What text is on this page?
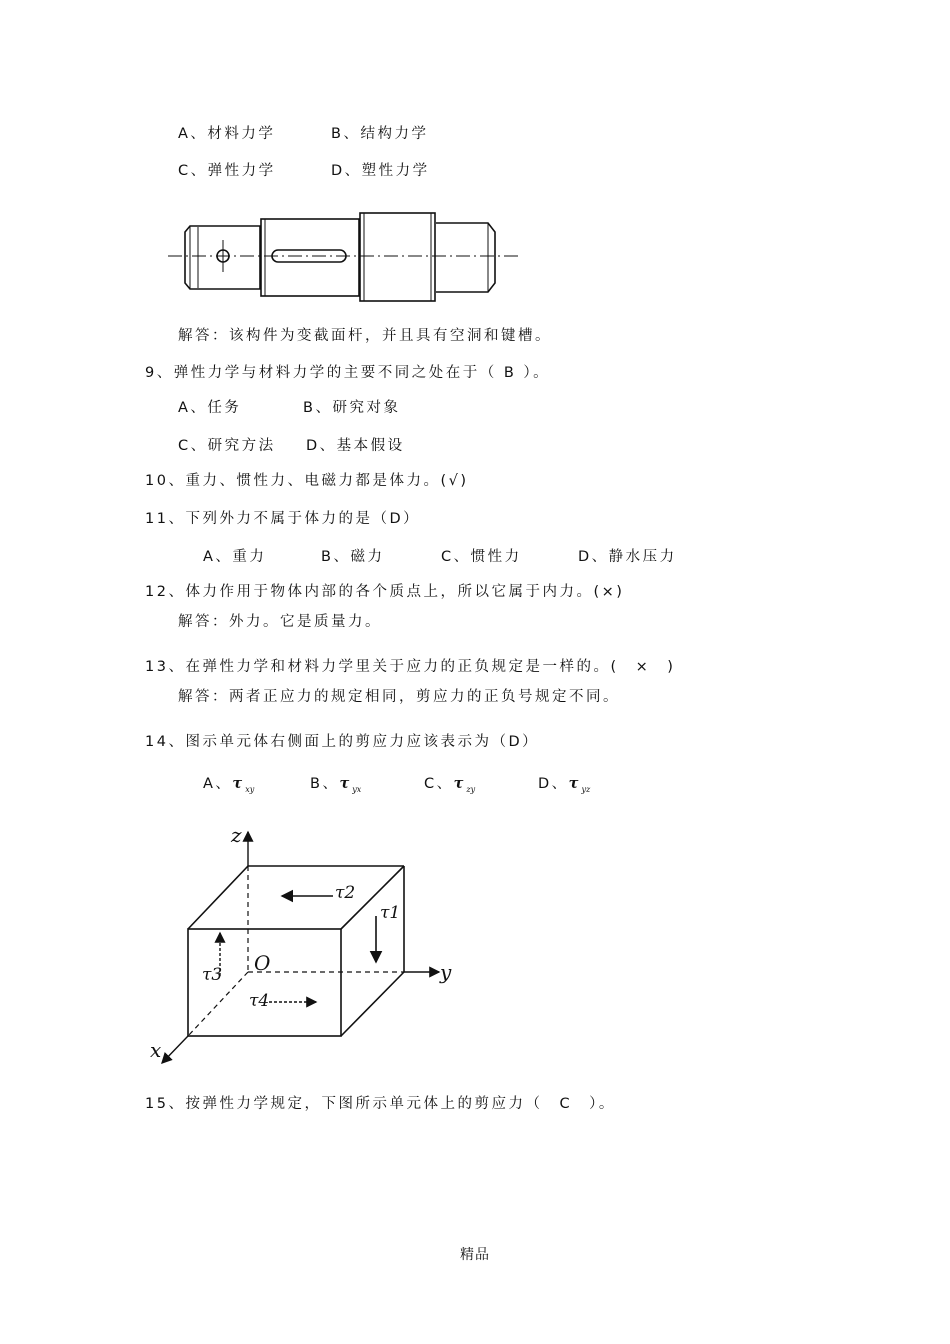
A、材料力学	B、结构力学
C、弹性力学	D、塑性力学
解答：该构件为变截面杆，并且具有空洞和键槽。
9、弹性力学与材料力学的主要不同之处在于（ B ）。
A、任务	B、研究对象
C、研究方法 D、基本假设
10、重力、惯性力、电磁力都是体力。(√)
11、下列外力不属于体力的是（D）
A、重力	B、磁力	C、惯性力	D、静水压力
12、体力作用于物体内部的各个质点上，所以它属于内力。(×)
解答：外力。它是质量力。
13、在弹性力学和材料力学里关于应力的正负规定是一样的。(　×　)
解答：两者正应力的规定相同，剪应力的正负号规定不同。
14、图示单元体右侧面上的剪应力应该表示为（D）
A、τ $_{xy}$	B、τ $_{yx}$	C、τ $_{zy}$	D、τ $_{yz}$
z
y
x
O
τ1
τ2
τ3
τ4
15、按弹性力学规定，下图所示单元体上的剪应力（　C　）。
精品
